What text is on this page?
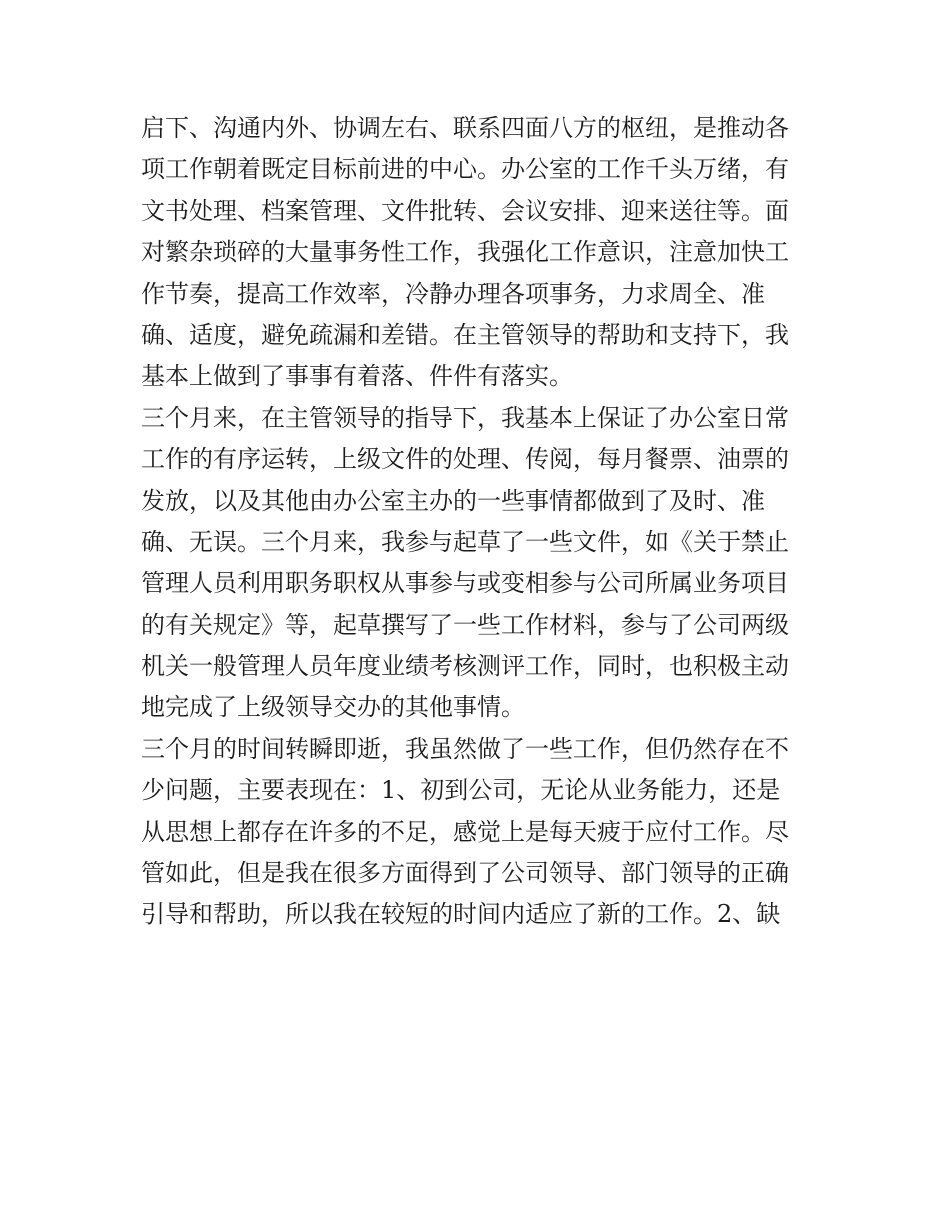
启下、沟通内外、协调左右、联系四面八方的枢纽，是推动各
项工作朝着既定目标前进的中心。办公室的工作千头万绪，有
文书处理、档案管理、文件批转、会议安排、迎来送往等。面
对繁杂琐碎的大量事务性工作，我强化工作意识，注意加快工
作节奏，提高工作效率，冷静办理各项事务，力求周全、准
确、适度，避免疏漏和差错。在主管领导的帮助和支持下，我
基本上做到了事事有着落、件件有落实。
三个月来，在主管领导的指导下，我基本上保证了办公室日常
工作的有序运转，上级文件的处理、传阅，每月餐票、油票的
发放，以及其他由办公室主办的一些事情都做到了及时、准
确、无误。三个月来，我参与起草了一些文件，如《关于禁止
管理人员利用职务职权从事参与或变相参与公司所属业务项目
的有关规定》等，起草撰写了一些工作材料，参与了公司两级
机关一般管理人员年度业绩考核测评工作，同时，也积极主动
地完成了上级领导交办的其他事情。
三个月的时间转瞬即逝，我虽然做了一些工作，但仍然存在不
少问题，主要表现在：1、初到公司，无论从业务能力，还是
从思想上都存在许多的不足，感觉上是每天疲于应付工作。尽
管如此，但是我在很多方面得到了公司领导、部门领导的正确
引导和帮助，所以我在较短的时间内适应了新的工作。2、缺
